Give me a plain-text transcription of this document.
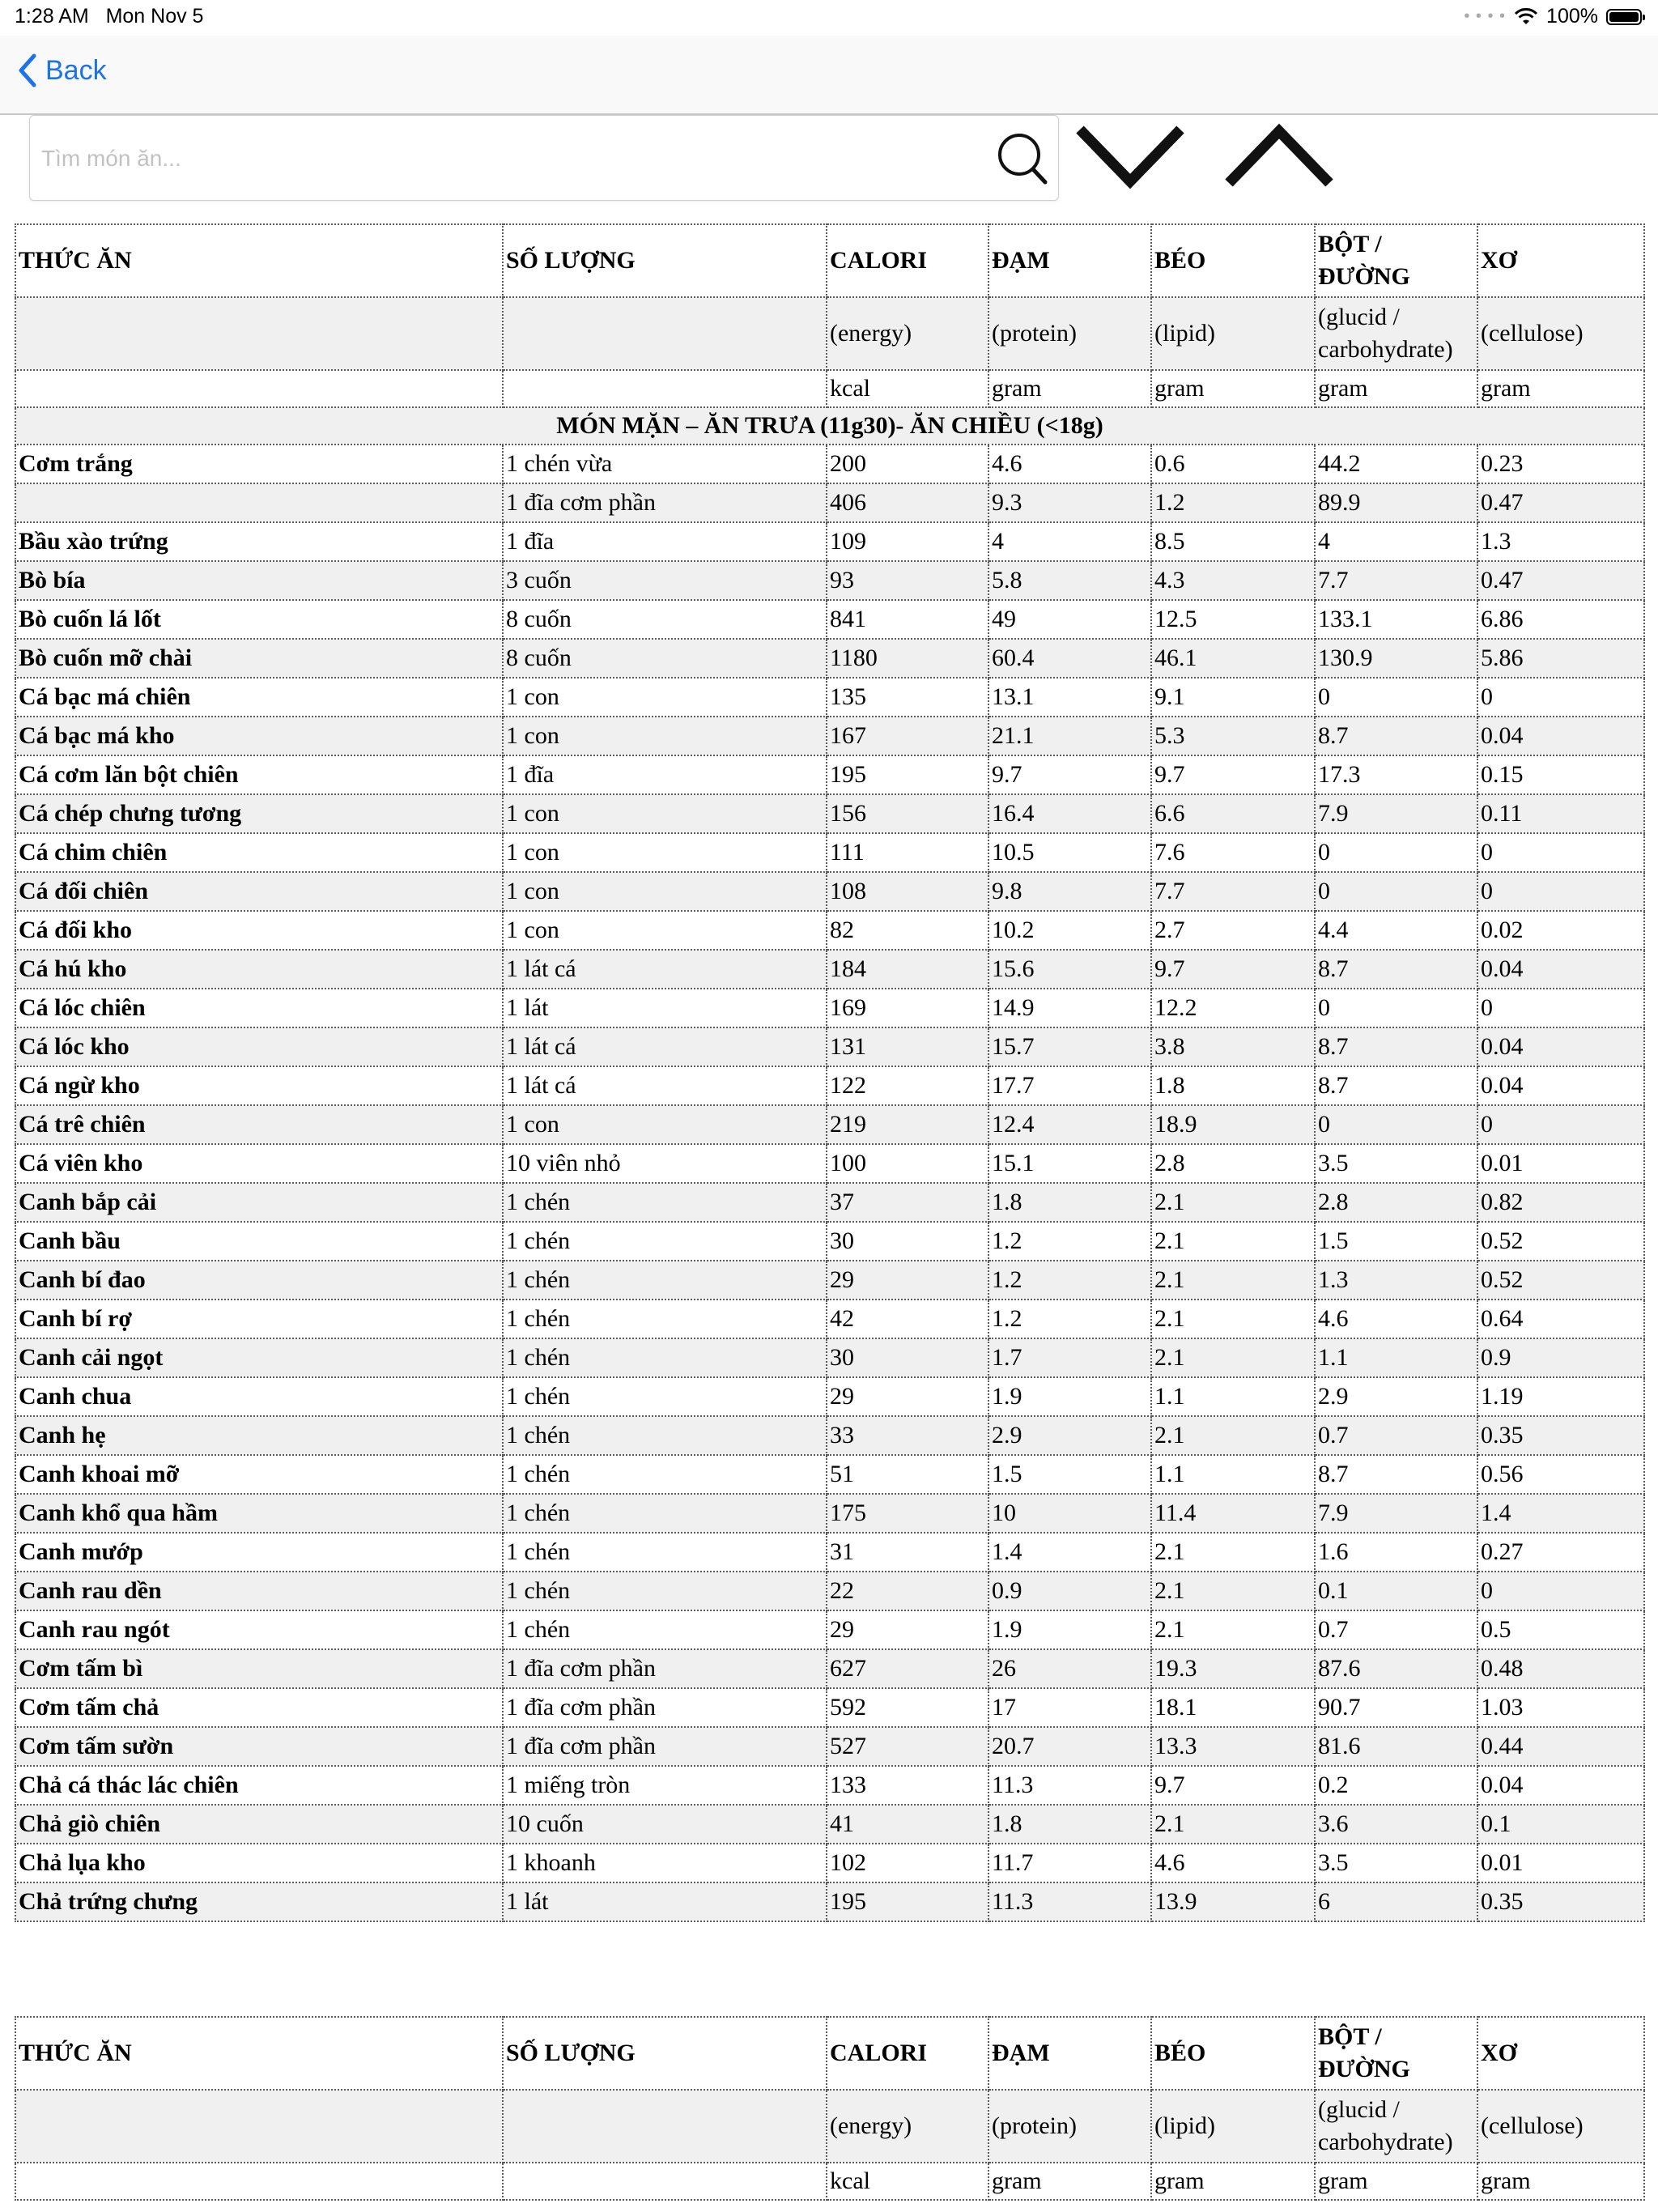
1:28 AM Mon Nov 5	• • • • 100%
Back
Tìm món ăn...
THỨC ĂN	SỐ LƯỢNG	CALORI	ĐẠM	BÉO	BỘT / ĐƯỜNG	XƠ
		(energy)	(protein)	(lipid)	(glucid / carbohydrate)	(cellulose)
		kcal	gram	gram	gram	gram
MÓN MẶN – ĂN TRƯA (11g30)- ĂN CHIỀU (<18g)						
Cơm trắng	1 chén vừa	200	4.6	0.6	44.2	0.23
	1 đĩa cơm phần	406	9.3	1.2	89.9	0.47
Bầu xào trứng	1 đĩa	109	4	8.5	4	1.3
Bò bía	3 cuốn	93	5.8	4.3	7.7	0.47
Bò cuốn lá lốt	8 cuốn	841	49	12.5	133.1	6.86
Bò cuốn mỡ chài	8 cuốn	1180	60.4	46.1	130.9	5.86
Cá bạc má chiên	1 con	135	13.1	9.1	0	0
Cá bạc má kho	1 con	167	21.1	5.3	8.7	0.04
Cá cơm lăn bột chiên	1 đĩa	195	9.7	9.7	17.3	0.15
Cá chép chưng tương	1 con	156	16.4	6.6	7.9	0.11
Cá chim chiên	1 con	111	10.5	7.6	0	0
Cá đối chiên	1 con	108	9.8	7.7	0	0
Cá đối kho	1 con	82	10.2	2.7	4.4	0.02
Cá hú kho	1 lát cá	184	15.6	9.7	8.7	0.04
Cá lóc chiên	1 lát	169	14.9	12.2	0	0
Cá lóc kho	1 lát cá	131	15.7	3.8	8.7	0.04
Cá ngừ kho	1 lát cá	122	17.7	1.8	8.7	0.04
Cá trê chiên	1 con	219	12.4	18.9	0	0
Cá viên kho	10 viên nhỏ	100	15.1	2.8	3.5	0.01
Canh bắp cải	1 chén	37	1.8	2.1	2.8	0.82
Canh bầu	1 chén	30	1.2	2.1	1.5	0.52
Canh bí đao	1 chén	29	1.2	2.1	1.3	0.52
Canh bí rợ	1 chén	42	1.2	2.1	4.6	0.64
Canh cải ngọt	1 chén	30	1.7	2.1	1.1	0.9
Canh chua	1 chén	29	1.9	1.1	2.9	1.19
Canh hẹ	1 chén	33	2.9	2.1	0.7	0.35
Canh khoai mỡ	1 chén	51	1.5	1.1	8.7	0.56
Canh khổ qua hầm	1 chén	175	10	11.4	7.9	1.4
Canh mướp	1 chén	31	1.4	2.1	1.6	0.27
Canh rau dền	1 chén	22	0.9	2.1	0.1	0
Canh rau ngót	1 chén	29	1.9	2.1	0.7	0.5
Cơm tấm bì	1 đĩa cơm phần	627	26	19.3	87.6	0.48
Cơm tấm chả	1 đĩa cơm phần	592	17	18.1	90.7	1.03
Cơm tấm sườn	1 đĩa cơm phần	527	20.7	13.3	81.6	0.44
Chả cá thác lác chiên	1 miếng tròn	133	11.3	9.7	0.2	0.04
Chả giò chiên	10 cuốn	41	1.8	2.1	3.6	0.1
Chả lụa kho	1 khoanh	102	11.7	4.6	3.5	0.01
Chả trứng chưng	1 lát	195	11.3	13.9	6	0.35
THỨC ĂN	SỐ LƯỢNG	CALORI	ĐẠM	BÉO	BỘT / ĐƯỜNG	XƠ
		(energy)	(protein)	(lipid)	(glucid / carbohydrate)	(cellulose)
		kcal	gram	gram	gram	gram
